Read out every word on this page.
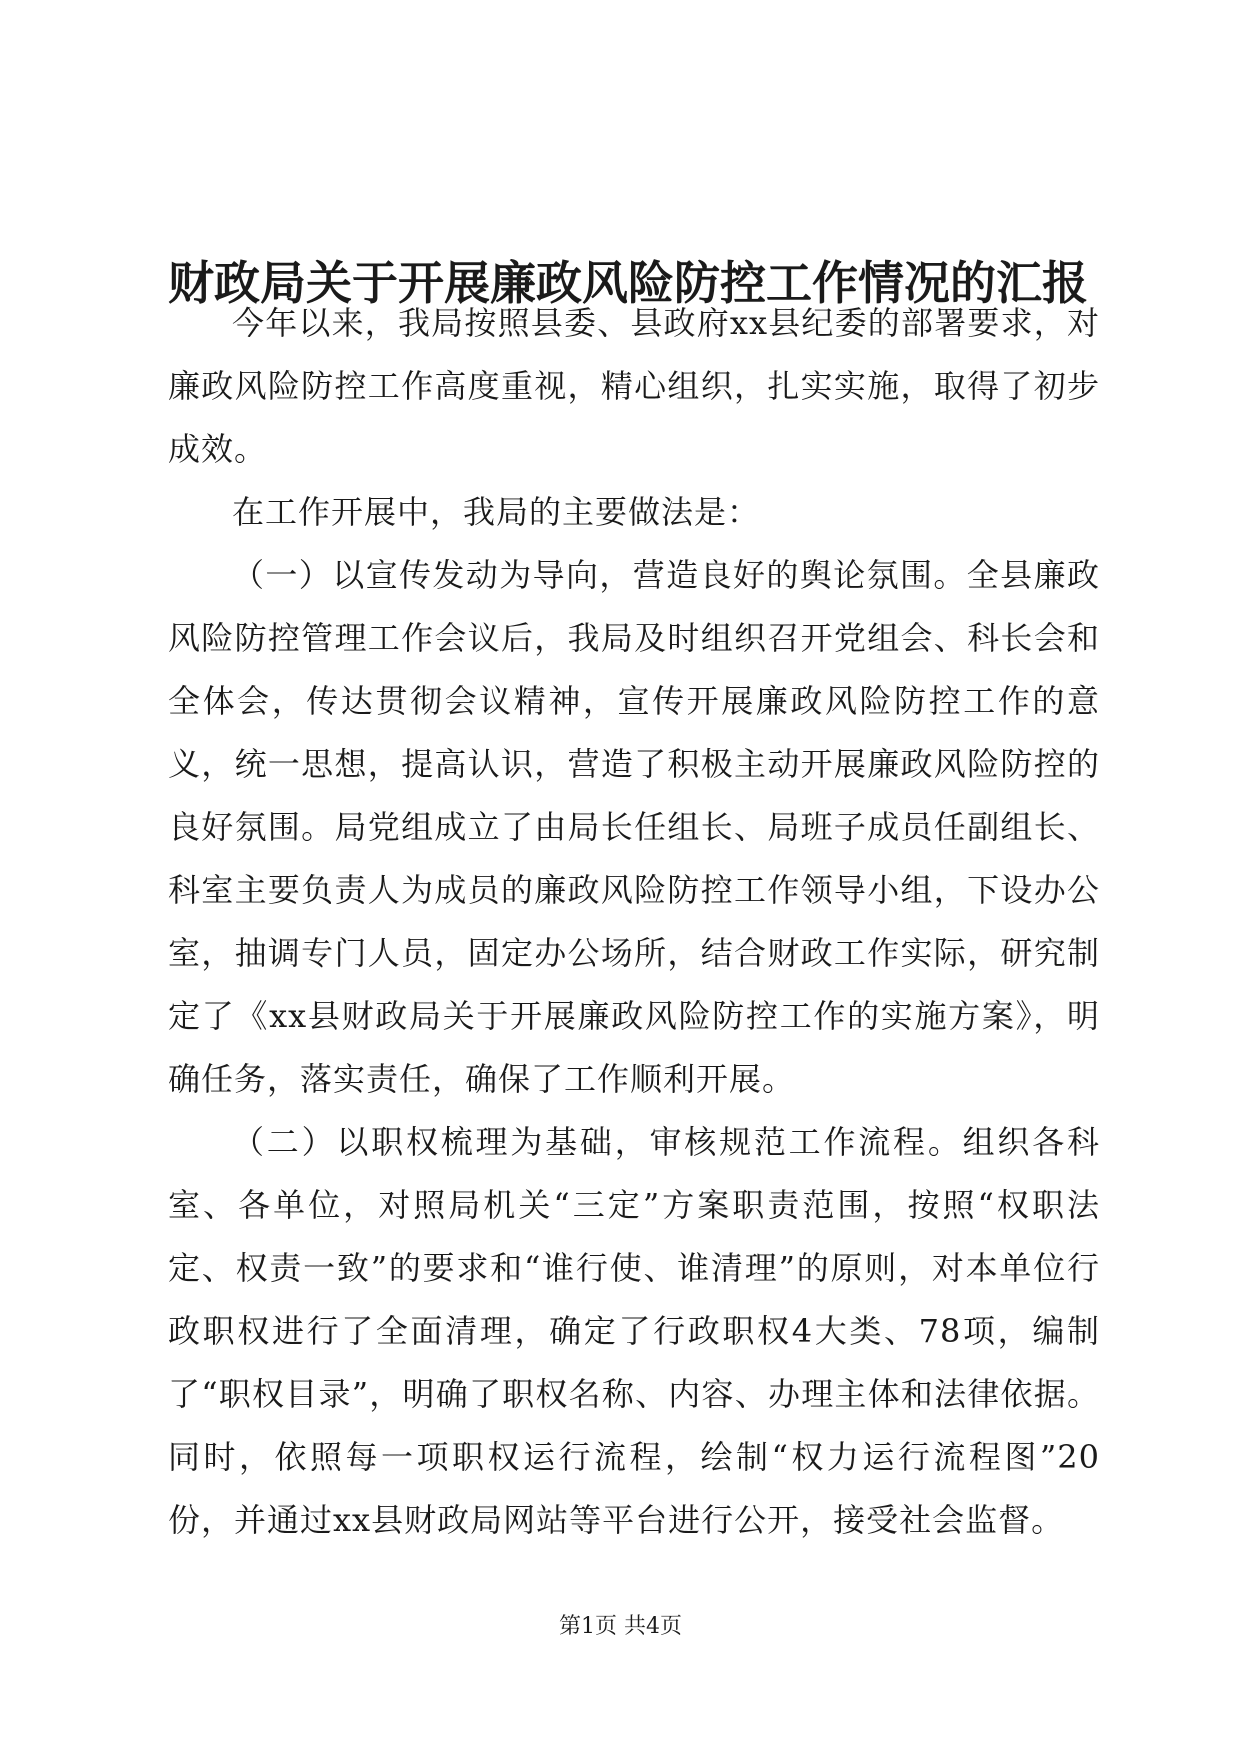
财政局关于开展廉政风险防控工作情况的汇报

今年以来，我局按照县委、县政府xx县纪委的部署要求，对廉政风险防控工作高度重视，精心组织，扎实实施，取得了初步成效。

在工作开展中，我局的主要做法是：

（一）以宣传发动为导向，营造良好的舆论氛围。全县廉政风险防控管理工作会议后，我局及时组织召开党组会、科长会和全体会，传达贯彻会议精神，宣传开展廉政风险防控工作的意义，统一思想，提高认识，营造了积极主动开展廉政风险防控的良好氛围。局党组成立了由局长任组长、局班子成员任副组长、科室主要负责人为成员的廉政风险防控工作领导小组，下设办公室，抽调专门人员，固定办公场所，结合财政工作实际，研究制定了《xx县财政局关于开展廉政风险防控工作的实施方案》，明确任务，落实责任，确保了工作顺利开展。

（二）以职权梳理为基础，审核规范工作流程。组织各科室、各单位，对照局机关“三定”方案职责范围，按照“权职法定、权责一致”的要求和“谁行使、谁清理”的原则，对本单位行政职权进行了全面清理，确定了行政职权4大类、78项，编制了“职权目录”，明确了职权名称、内容、办理主体和法律依据。同时，依照每一项职权运行流程，绘制“权力运行流程图”20份，并通过xx县财政局网站等平台进行公开，接受社会监督。

第1页 共4页
